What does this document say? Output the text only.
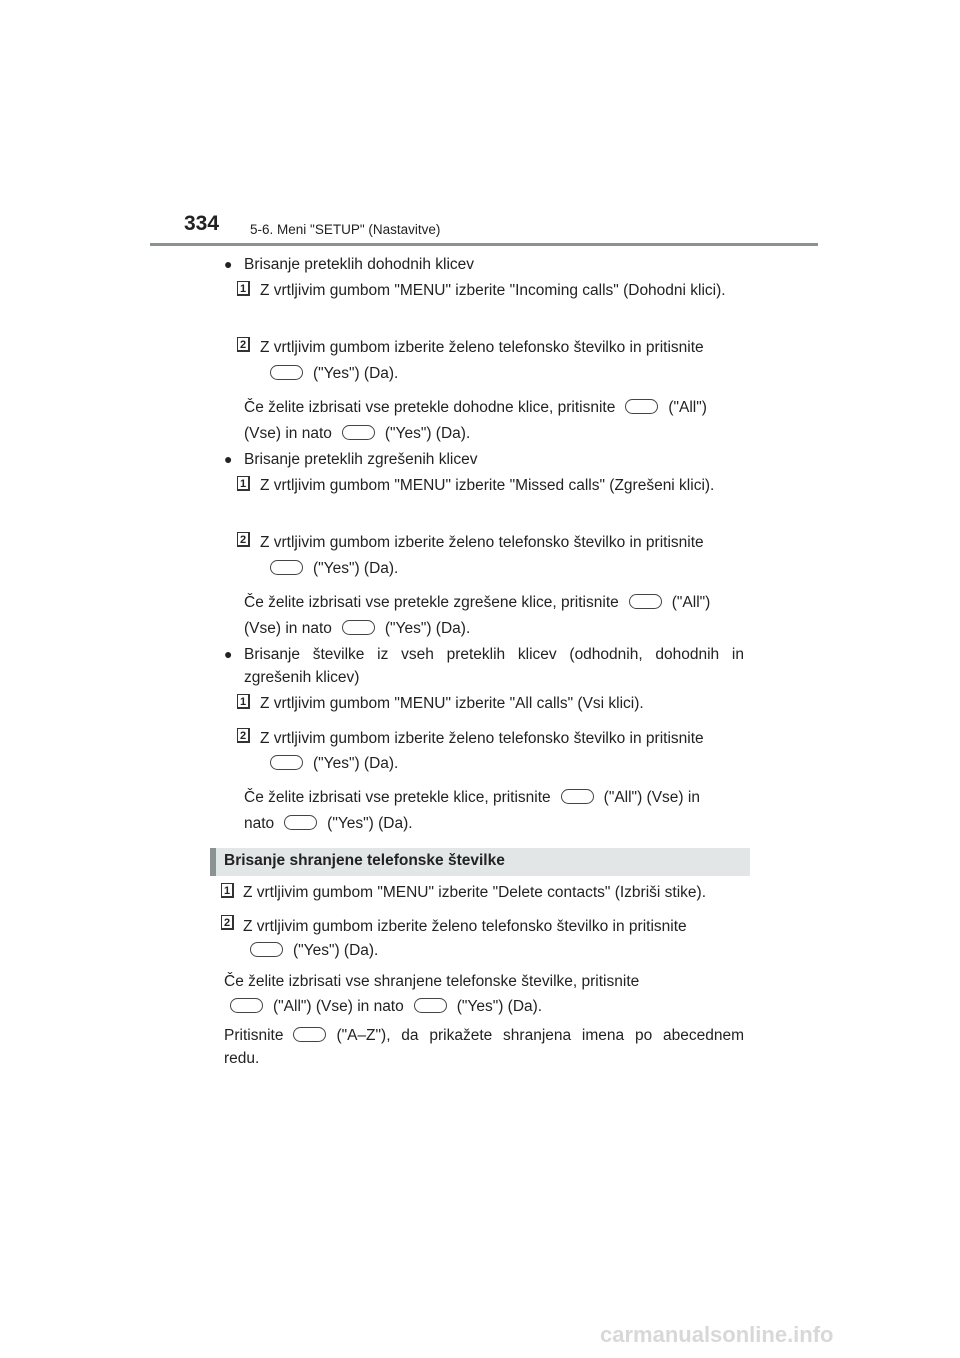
334 5-6. Meni "SETUP" (Nastavitve)
● Brisanje preteklih dohodnih klicev
1 Z vrtljivim gumbom "MENU" izberite "Incoming calls" (Dohodni klici).
2 Z vrtljivim gumbom izberite želeno telefonsko številko in pritisnite
("Yes") (Da).
Če želite izbrisati vse pretekle dohodne klice, pritisnite	("All")
(Vse) in nato	("Yes") (Da).
● Brisanje preteklih zgrešenih klicev
1 Z vrtljivim gumbom "MENU" izberite "Missed calls" (Zgrešeni klici).
2 Z vrtljivim gumbom izberite želeno telefonsko številko in pritisnite
("Yes") (Da).
Če želite izbrisati vse pretekle zgrešene klice, pritisnite	("All")
(Vse) in nato	("Yes") (Da).
● Brisanje številke iz vseh preteklih klicev (odhodnih, dohodnih in zgrešenih klicev)
1 Z vrtljivim gumbom "MENU" izberite "All calls" (Vsi klici).
2 Z vrtljivim gumbom izberite želeno telefonsko številko in pritisnite
("Yes") (Da).
Če želite izbrisati vse pretekle klice, pritisnite	("All") (Vse) in
nato	("Yes") (Da).
Brisanje shranjene telefonske številke
1 Z vrtljivim gumbom "MENU" izberite "Delete contacts" (Izbriši stike).
2 Z vrtljivim gumbom izberite želeno telefonsko številko in pritisnite
("Yes") (Da).
Če želite izbrisati vse shranjene telefonske številke, pritisnite
("All") (Vse) in nato	("Yes") (Da).
Pritisnite	("A–Z"), da prikažete shranjena imena po abecednem redu.
carmanualsonline.info
